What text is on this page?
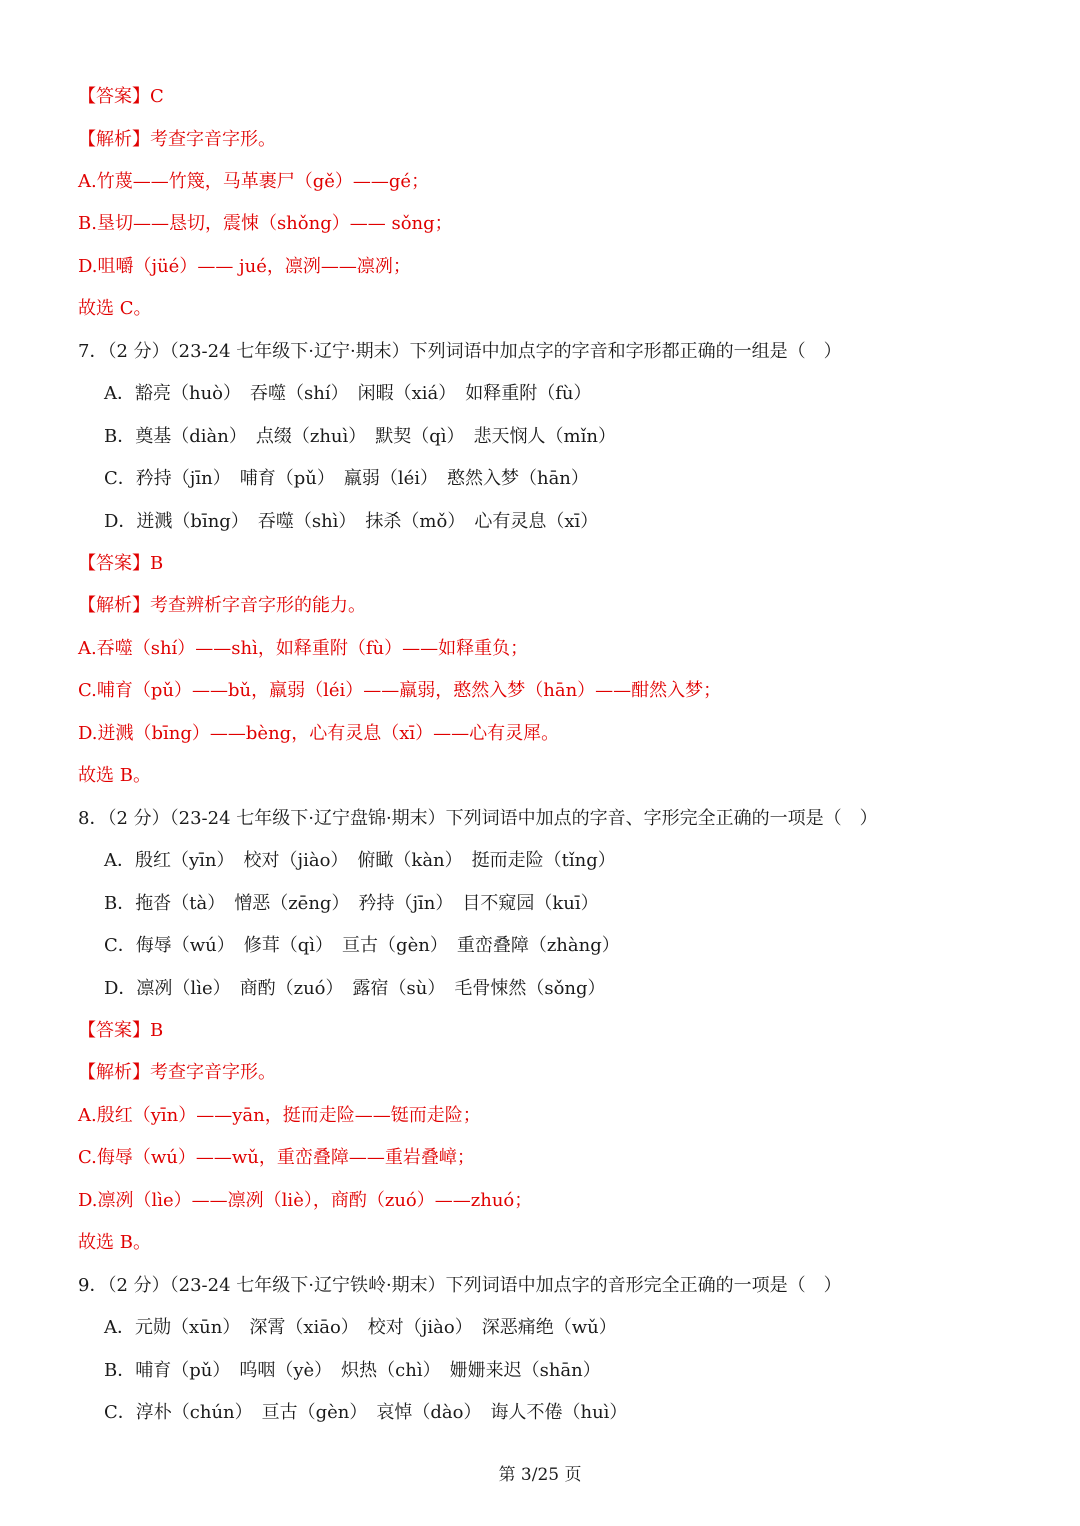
【答案】C
【解析】考查字音字形。
A.竹蔑——竹篾，马革裹尸（gě）——gé；
B.垦切——恳切，震悚（shǒng）—— sǒng；
D.咀嚼（jüé）—— jué，凛洌——凛冽；
故选 C。
7．（2 分）（23-24 七年级下·辽宁·期末）下列词语中加点字的字音和字形都正确的一组是（　）
A．豁亮（huò）　吞噬（shí）　闲暇（xiá）　如释重附（fù）
B．奠基（diàn）　点缀（zhuì）　默契（qì）　悲天悯人（mǐn）
C．矜持（jīn）　哺育（pǔ）　羸弱（léi）　憨然入梦（hān）
D．迸溅（bīng）　吞噬（shì）　抹杀（mǒ）　心有灵息（xī）
【答案】B
【解析】考查辨析字音字形的能力。
A.吞噬（shí）——shì，如释重附（fù）——如释重负；
C.哺育（pǔ）——bǔ，羸弱（léi）——羸弱，憨然入梦（hān）——酣然入梦；
D.迸溅（bīng）——bèng，心有灵息（xī）——心有灵犀。
故选 B。
8．（2 分）（23-24 七年级下·辽宁盘锦·期末）下列词语中加点的字音、字形完全正确的一项是（　）
A．殷红（yīn）　校对（jiào）　俯瞰（kàn）　挺而走险（tǐng）
B．拖沓（tà）　憎恶（zēng）　矜持（jīn）　目不窥园（kuī）
C．侮辱（wú）　修茸（qì）　亘古（gèn）　重峦叠障（zhàng）
D．凛冽（lìe）　商酌（zuó）　露宿（sù）　毛骨悚然（sǒng）
【答案】B
【解析】考查字音字形。
A.殷红（yīn）——yān，挺而走险——铤而走险；
C.侮辱（wú）——wǔ，重峦叠障——重岩叠嶂；
D.凛冽（lìe）——凛冽（liè），商酌（zuó）——zhuó；
故选 B。
9．（2 分）（23-24 七年级下·辽宁铁岭·期末）下列词语中加点字的音形完全正确的一项是（　）
A．元勋（xūn）　深霄（xiāo）　校对（jiào）　深恶痛绝（wǔ）
B．哺育（pǔ）　呜咽（yè）　炽热（chì）　姗姗来迟（shān）
C．淳朴（chún）　亘古（gèn）　哀悼（dào）　诲人不倦（huì）
第 3/25 页
